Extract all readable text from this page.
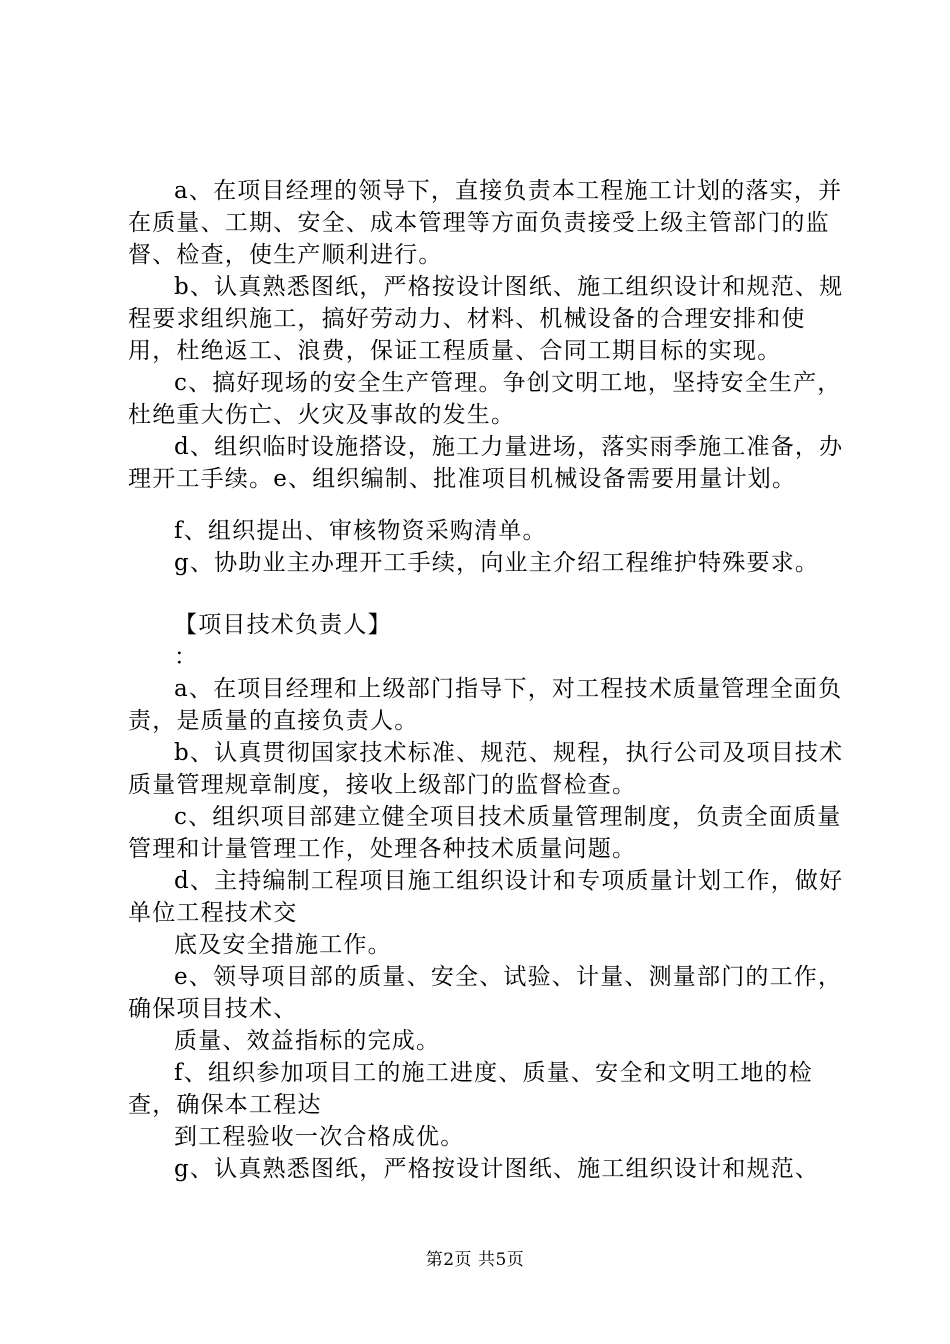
a、在项目经理的领导下，直接负责本工程施工计划的落实，并在质量、工期、安全、成本管理等方面负责接受上级主管部门的监督、检查，使生产顺利进行。

b、认真熟悉图纸，严格按设计图纸、施工组织设计和规范、规程要求组织施工，搞好劳动力、材料、机械设备的合理安排和使用，杜绝返工、浪费，保证工程质量、合同工期目标的实现。

c、搞好现场的安全生产管理。争创文明工地，坚持安全生产，杜绝重大伤亡、火灾及事故的发生。

d、组织临时设施搭设，施工力量进场，落实雨季施工准备，办理开工手续。e、组织编制、批准项目机械设备需要用量计划。

f、组织提出、审核物资采购清单。

g、协助业主办理开工手续，向业主介绍工程维护特殊要求。

【项目技术负责人】

：

a、在项目经理和上级部门指导下，对工程技术质量管理全面负责，是质量的直接负责人。

b、认真贯彻国家技术标准、规范、规程，执行公司及项目技术质量管理规章制度，接收上级部门的监督检查。

c、组织项目部建立健全项目技术质量管理制度，负责全面质量管理和计量管理工作，处理各种技术质量问题。

d、主持编制工程项目施工组织设计和专项质量计划工作，做好单位工程技术交

底及安全措施工作。

e、领导项目部的质量、安全、试验、计量、测量部门的工作，确保项目技术、

质量、效益指标的完成。

f、组织参加项目工的施工进度、质量、安全和文明工地的检查，确保本工程达

到工程验收一次合格成优。

g、认真熟悉图纸，严格按设计图纸、施工组织设计和规范、

第2页 共5页
